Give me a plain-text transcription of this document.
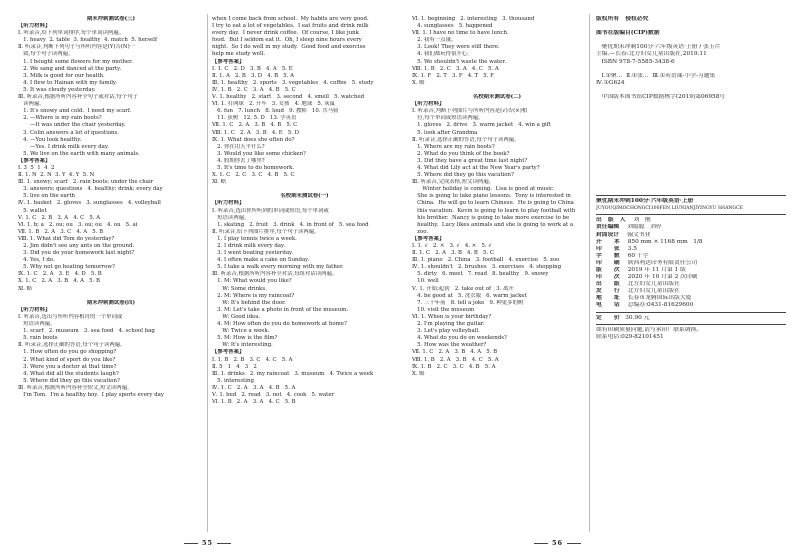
期末冲刺测试卷(三)
【听力材料】
Ⅰ. 听录音,给下列单词排序,每个单词读两遍。
1. heavy  2. table  3. healthy  4. match  5. herself
Ⅱ. 听录音,判断下列句子与所听内容是(Y)否(N)一
致,每个句子读两遍。
1. I bought some flowers for my mother.
2. We sang and danced at the party.
3. Milk is good for our health.
4. I flew to Hainan with my family.
5. It was cloudy yesterday.
Ⅲ. 听录音,根据所听内容补全句子或对话,每个句子
读两遍。
1. It's snowy and cold.  I need my scarf.
2. —Where is my rain boots?
—It was under the chair yesterday.
3. Colin answers a lot of questions.
4. —You look healthy.
—Yes. I drink milk every day.
5. We live on the earth with many animals.
【参考答案】
Ⅰ. 3  5  1  4  2
Ⅱ. 1. N  2. N  3. Y  4. Y  5. N
Ⅲ. 1. snowy; scarf   2. rain boots; under the chair
3. answers; questions   4. healthy; drink; every day
5. live on the earth
Ⅳ. 1. basket   2. gloves   3. sunglasses   4. volleyball
5. wallet
Ⅴ. 1. C   2. B   3. A   4. C   5. A
Ⅵ. 1. b; a   2. ou; ou   3. ou; ou   4. ou   5. ai
Ⅶ. 1. B   2. A   3. C   4. A   5. B
Ⅷ. 1. What did Tom do yesterday?
2. Jim didn't see any ants on the ground.
3. Did you do your homework last night?
4. Yes, I do.
5. Why not go boating tomorrow?
Ⅸ. 1. C   2. A   3. E   4. D   5. B
Ⅹ. 1. C   2. A   3. B   4. A   5. B
Ⅺ. 略
期末冲刺测试卷(四)
【听力材料】
Ⅰ. 听录音,选出与所听内容相符的一个单词或
短语读两遍。
1. scarf   2. museum   3. sea food   4. school bag
5. rain boots
Ⅱ. 听录音,选择正确的答语,每个句子读两遍。
1. How often do you go shopping?
2. What kind of sport do you like?
3. Were you a doctor at that time?
4. What did all the students laugh?
5. Where did they go this vacation?
Ⅲ. 听录音,根据所听内容补全短文,短文读两遍。
I'm Tom.  I'm a healthy boy.  I play sports every day
when I come back from school.  My habits are very good.
I try to eat a lot of vegetables.  I eat fruits and drink milk
every day.  I never drink coffee.  Of course, I like junk
food.  But I seldom eat it.  Oh, I sleep nine hours every
night.  So I do well in my study.  Good food and exercise
help me study well.
【参考答案】
Ⅰ. 1. C   2. D   3. B   4. A   5. E
Ⅱ. 1. A   2. B   3. D   4. B   5. A
Ⅲ. 1. healthy   2. sports   3. vegetables   4. coffee   5. study
Ⅳ. 1. B   2. C   3. A   4. B   5. C
Ⅴ. 1. healthy   2. start   3. second   4. smell   5. watched
Ⅵ. 1. 打网球   2. 开车   3. 女孩   4. 地球   5. 灰鼠
6. fun   7. lunch   8. loud   9. 教师   10. 共马骑
11. 获树   12. 5. D   13. 学英语
Ⅶ. 1. C   2. A   3. B   4. B   5. C
Ⅷ. 1. C   2. A   3. B   4. E   5. D
Ⅸ. 1. What does she often do?
2. 你在用天平什么?
3. Would you like some chicken?
4. 假期你去了哪里?
5. It's time to do homework.
Ⅹ. 1. C   2. C   3. C   4. B   5. C
Ⅺ. 略
名校期末测试卷(一)
【听力材料】
Ⅰ. 听录音,选出你所听到的单词或短语,每个单词或
短语读两遍。
1. skating   2. fruit   3. drink   4. in front of   5. sea food
Ⅱ. 听录音,给下列图片排序,每个句子读两遍。
1. I play tennis twice a week.
2. I drink milk every day.
3. I went boating yesterday.
4. I often make a cake on Sunday.
5. I take a walk every morning with my father.
Ⅲ. 听录音,根据所听内容补全对话,每组对话读两遍。
1. M: What would you like?
W: Some drinks.
2. M: Where is my raincoat?
W: It's behind the door.
3. M: Let's take a photo in front of the museum.
W: Good idea.
4. M: How often do you do homework at home?
W: Twice a week.
5. M: How is the film?
W: It's interesting.
【参考答案】
Ⅰ. 1. B   2. B   3. C   4. C   5. A
Ⅱ. 5   1   4   3   2
Ⅲ. 1. drinks   2. my raincoat   3. museum   4. Twice a week
5. interesting
Ⅳ. 1. C   2. A   3. A   4. B   5. A
Ⅴ. 1. bed   2. read   3. not   4. cook   5. water
Ⅵ. 1. B   2. A   3. A   4. C   5. B
55
Ⅵ. 1. beginning   2. interesting   3. thousand
4. sunglasses   5. happened
Ⅶ. 1. I have no time to have lunch.
2. 我有一点饿。
3. Look! They were still there.
4. 我们都玩得很开心。
5. We shouldn't waste the water.
Ⅷ. 1. B   2. C   3. A   4. C   5. A
Ⅸ. 1. F   2. T   3. F   4. T   5. F
Ⅹ. 略
名校期末测试卷(二)
【听力材料】
Ⅰ. 听录音,判断下列图片与所听内容是(√)否(×)相
符,每个单词或短语读两遍。
1. gloves   2. drive   3. warm jacket   4. win a gift
5. look after Grandma
Ⅱ. 听录音,选择正确的答语,每个句子读两遍。
1. Where are my rain boots?
2. What do you think of the book?
3. Did they have a great time last night?
4. What did Lily act at the New Year's party?
5. Where did they go this vacation?
Ⅲ. 听录音,完成表格,短文读两遍。
Winter holiday is coming.  Lisa is good at music.
She is going to take piano lessons.  Tony is interested in
China.  He will go to learn Chinese.  He is going to China
this vacation.  Kevin is going to learn to play football with
his brother.  Nancy is going to take more exercise to be
healthy.  Lucy likes animals and she is going to work at a
zoo.
【参考答案】
Ⅰ. 1. √   2. ×   3. √   4. ×   5. √
Ⅱ. 1. C   2. A   3. B   4. B   5. C
Ⅲ. 1. piano   2. China   3. football   4. exercise   5. zoo
Ⅳ. 1. shouldn't   2. brushes   3. exercises   4. shopping
5. dirty   6. meet   7. read   8. healthy   9. snowy
10. well
Ⅴ. 1. 开始;起初   2. take out of   3. 离开
4. be good at   5. 洗衣服   6. warm jacket
7. 三十年前   8. tell a joke   9. 种更多的树
10. visit the museum
Ⅵ. 1. When is your birthday?
2. I'm playing the guitar.
3. Let's play volleyball.
4. What do you do on weekends?
5. How was the weather?
Ⅶ. 1. C   2. A   3. B   4. A   5. B
Ⅷ. 1. B   2. A   3. B   4. C   5. A
Ⅸ. 1. B   2. C   3. C   4. B   5. A
Ⅹ. 略
版权所有   侵权必究
图书在版编目(CIP)数据
聚优期末冲刺100分·六年级英语·上册 / 张玉芹
主编.—长春:北方妇女儿童出版社,2019.11
ISBN 978-7-5585-3438-6
Ⅰ.①聚…  Ⅱ.①张…  Ⅲ.①英语课-小学-习题集
Ⅳ.①G624
中国版本图书馆CIP数据核字(2019)第06958号
聚优期末冲刺100分·六年级英语·上册
JUYOUQIMOCHONGCI100FEN LIUNIANJIYINGYU SHANGCE
出   版   人 刘   刚
责任编辑 刘聪聪   刘停
封面设计 翰文书业
开      本 850 mm × 1168 mm   1/8
印      张 3.5
字      数 60 千字
印      刷 陕西利达印务有限责任公司
版      次 2019 年 11 月第 1 版
印      次 2020 年 10 月第 2 次印刷
出      版 北方妇女儿童出版社
发      行 北方妇女儿童出版社
地      址 长春市龙腾国际出版大厦
电      话 总编办:0431-81629600
定      价 30.90 元
如有印刷质量问题,请与承印厂联系调换。
联系电话:029-82101451
56
